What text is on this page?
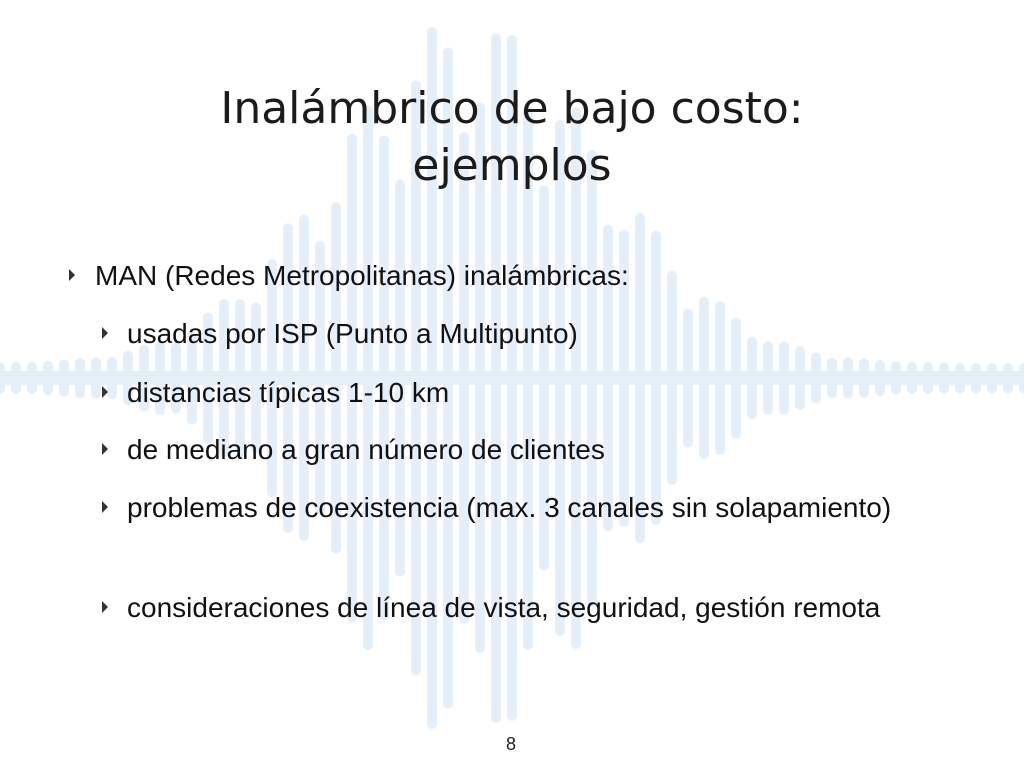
Inalámbrico de bajo costo:
ejemplos
MAN (Redes Metropolitanas) inalámbricas:
usadas por ISP (Punto a Multipunto)
distancias típicas 1-10 km
de mediano a gran número de clientes
problemas de coexistencia (max. 3 canales sin solapamiento)
consideraciones de línea de vista, seguridad, gestión remota
8
